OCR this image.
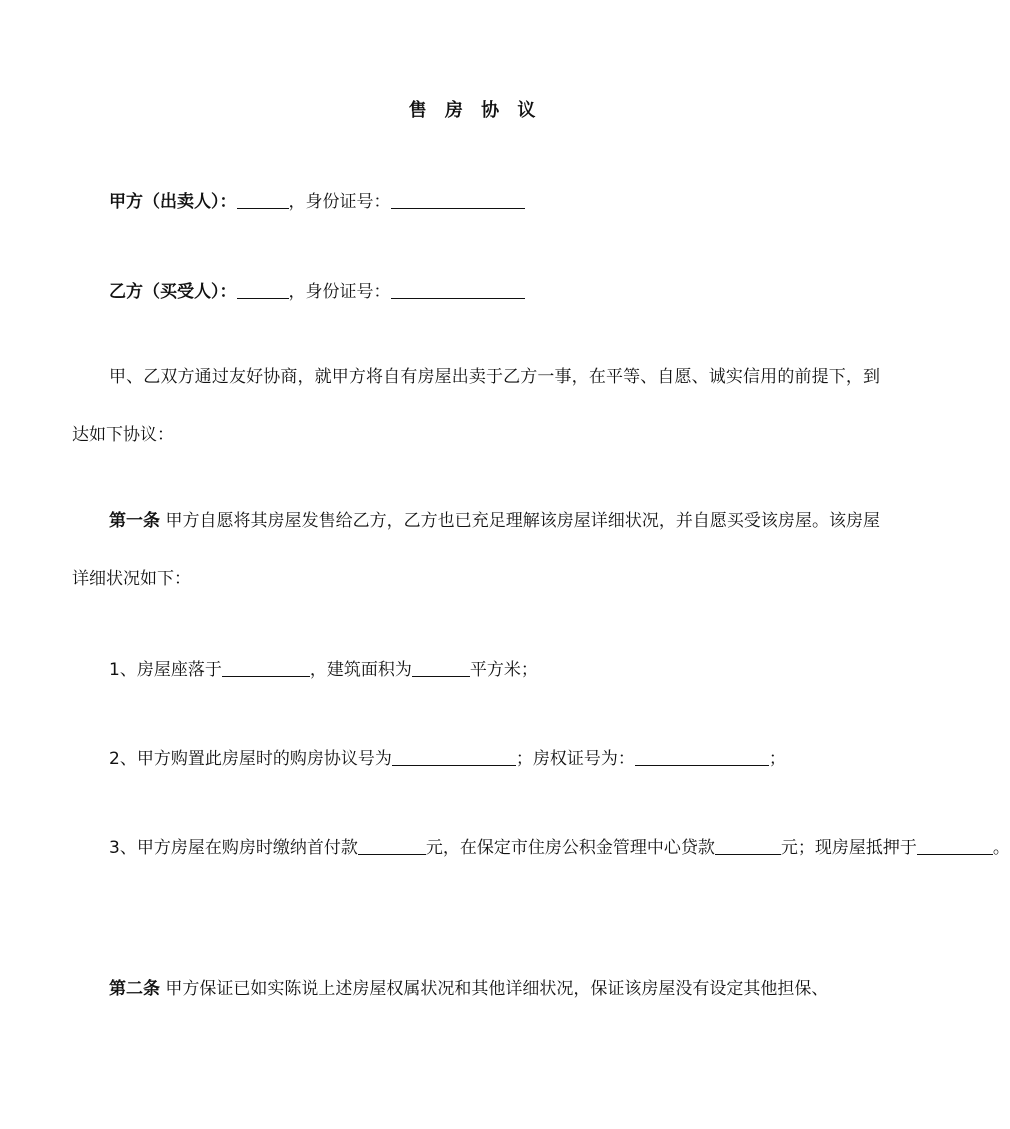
售 房 协 议

甲方（出卖人）：	，身份证号：

乙方（买受人）：	，身份证号：

甲、乙双方通过友好协商，就甲方将自有房屋出卖于乙方一事，在平等、自愿、诚实信用的前提下，到达如下协议：

第一条 甲方自愿将其房屋发售给乙方，乙方也已充足理解该房屋详细状况，并自愿买受该房屋。该房屋详细状况如下：

1、房屋座落于	，建筑面积为	平方米；

2、甲方购置此房屋时的购房协议号为	；房权证号为：	；

3、甲方房屋在购房时缴纳首付款	元，在保定市住房公积金管理中心贷款	元；现房屋抵押于	。

第二条 甲方保证已如实陈说上述房屋权属状况和其他详细状况，保证该房屋没有设定其他担保、
